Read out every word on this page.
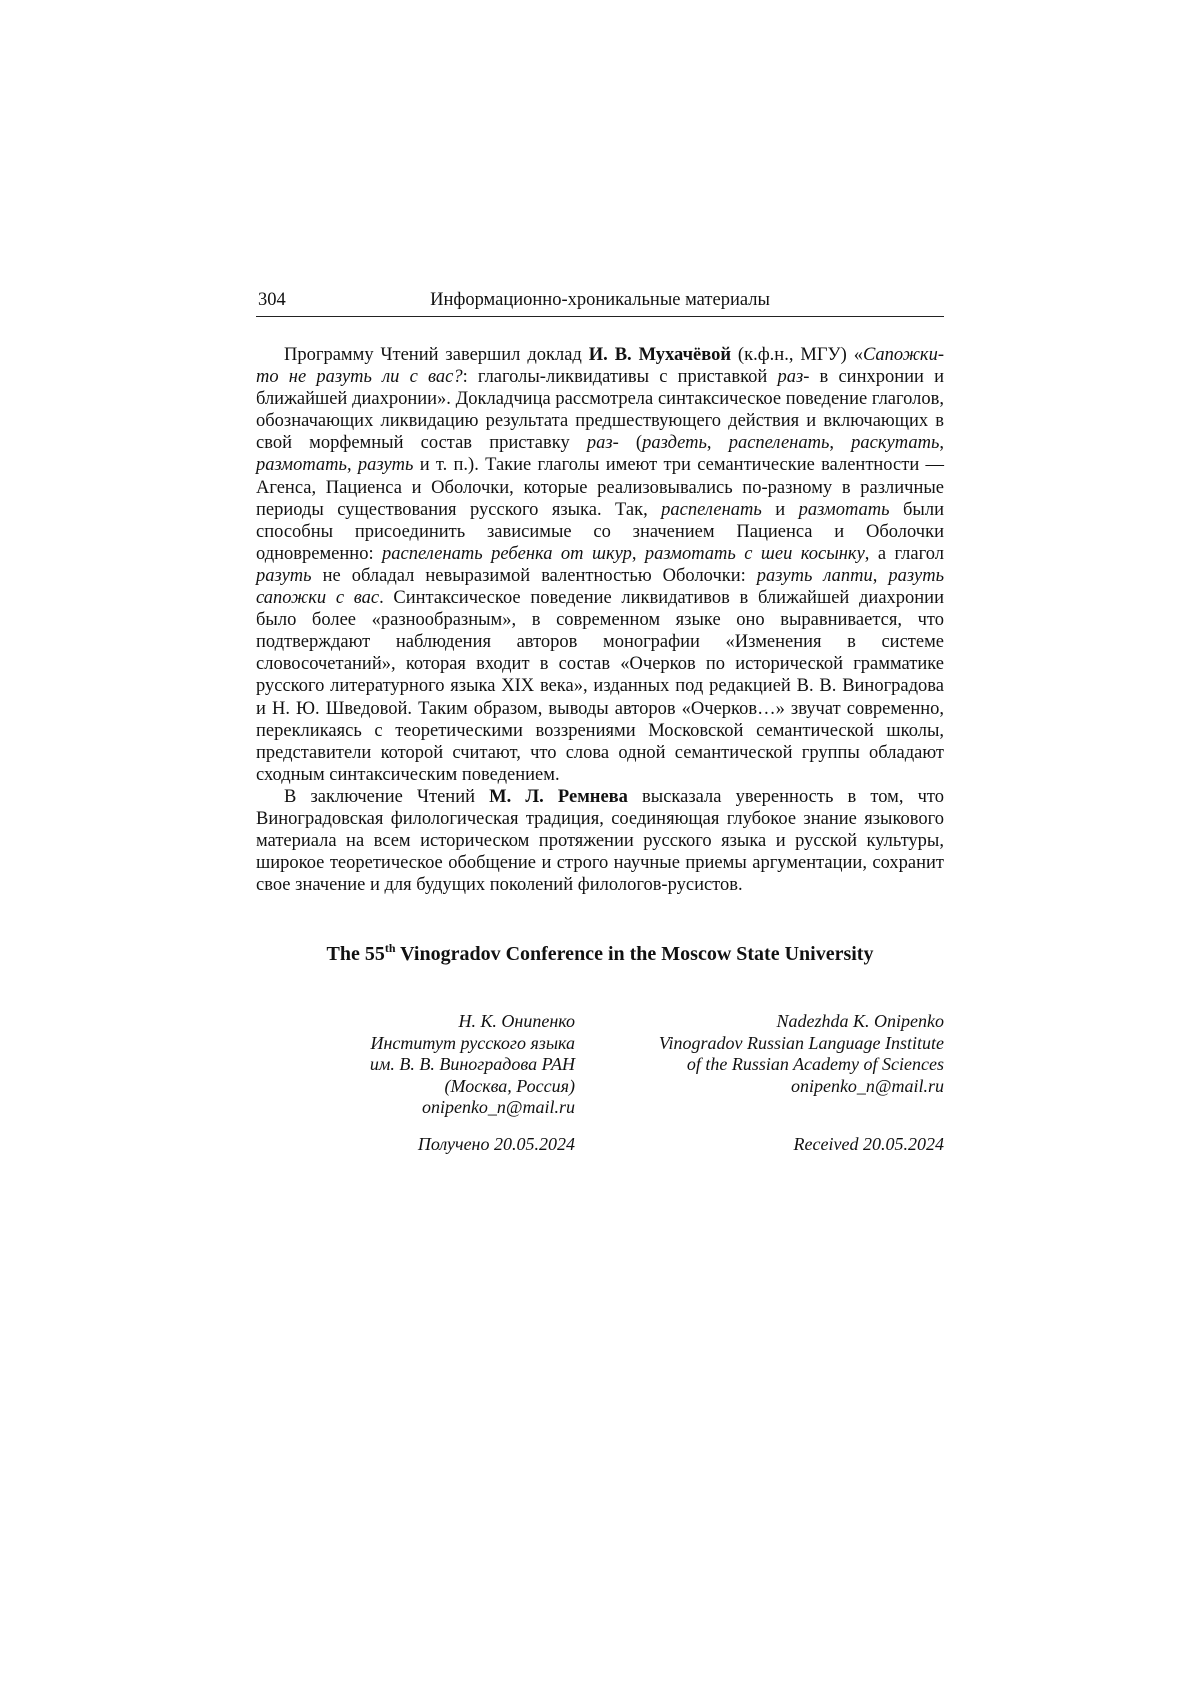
304	Информационно-хроникальные материалы

Программу Чтений завершил доклад И. В. Мухачёвой (к.ф.н., МГУ) «Сапожки-то не разуть ли с вас?: глаголы-ликвидативы с приставкой раз- в синхронии и ближайшей диахронии». Докладчица рассмотрела синтаксическое поведение глаголов, обозначающих ликвидацию результата предшествующего действия и включающих в свой морфемный состав приставку раз- (раздеть, распеленать, раскутать, размотать, разуть и т. п.). Такие глаголы имеют три семантические валентности — Агенса, Пациенса и Оболочки, которые реализовывались по-разному в различные периоды существования русского языка. Так, распеленать и размотать были способны присоединить зависимые со значением Пациенса и Оболочки одновременно: распеленать ребенка от шкур, размотать с шеи косынку, а глагол разуть не обладал невыразимой валентностью Оболочки: разуть лапти, разуть сапожки с вас. Синтаксическое поведение ликвидативов в ближайшей диахронии было более «разнообразным», в современном языке оно выравнивается, что подтверждают наблюдения авторов монографии «Изменения в системе словосочетаний», которая входит в состав «Очерков по исторической грамматике русского литературного языка XIX века», изданных под редакцией В. В. Виноградова и Н. Ю. Шведовой. Таким образом, выводы авторов «Очерков…» звучат современно, перекликаясь с теоретическими воззрениями Московской семантической школы, представители которой считают, что слова одной семантической группы обладают сходным синтаксическим поведением.

В заключение Чтений М. Л. Ремнева высказала уверенность в том, что Виноградовская филологическая традиция, соединяющая глубокое знание языкового материала на всем историческом протяжении русского языка и русской культуры, широкое теоретическое обобщение и строго научные приемы аргументации, сохранит свое значение и для будущих поколений филологов-русистов.

The 55th Vinogradov Conference in the Moscow State University
Н. К. Онипенко
Институт русского языка
им. В. В. Виноградова РАН
(Москва, Россия)
onipenko_n@mail.ru
Nadezhda K. Onipenko
Vinogradov Russian Language Institute
of the Russian Academy of Sciences
onipenko_n@mail.ru
Получено 20.05.2024	Received 20.05.2024
